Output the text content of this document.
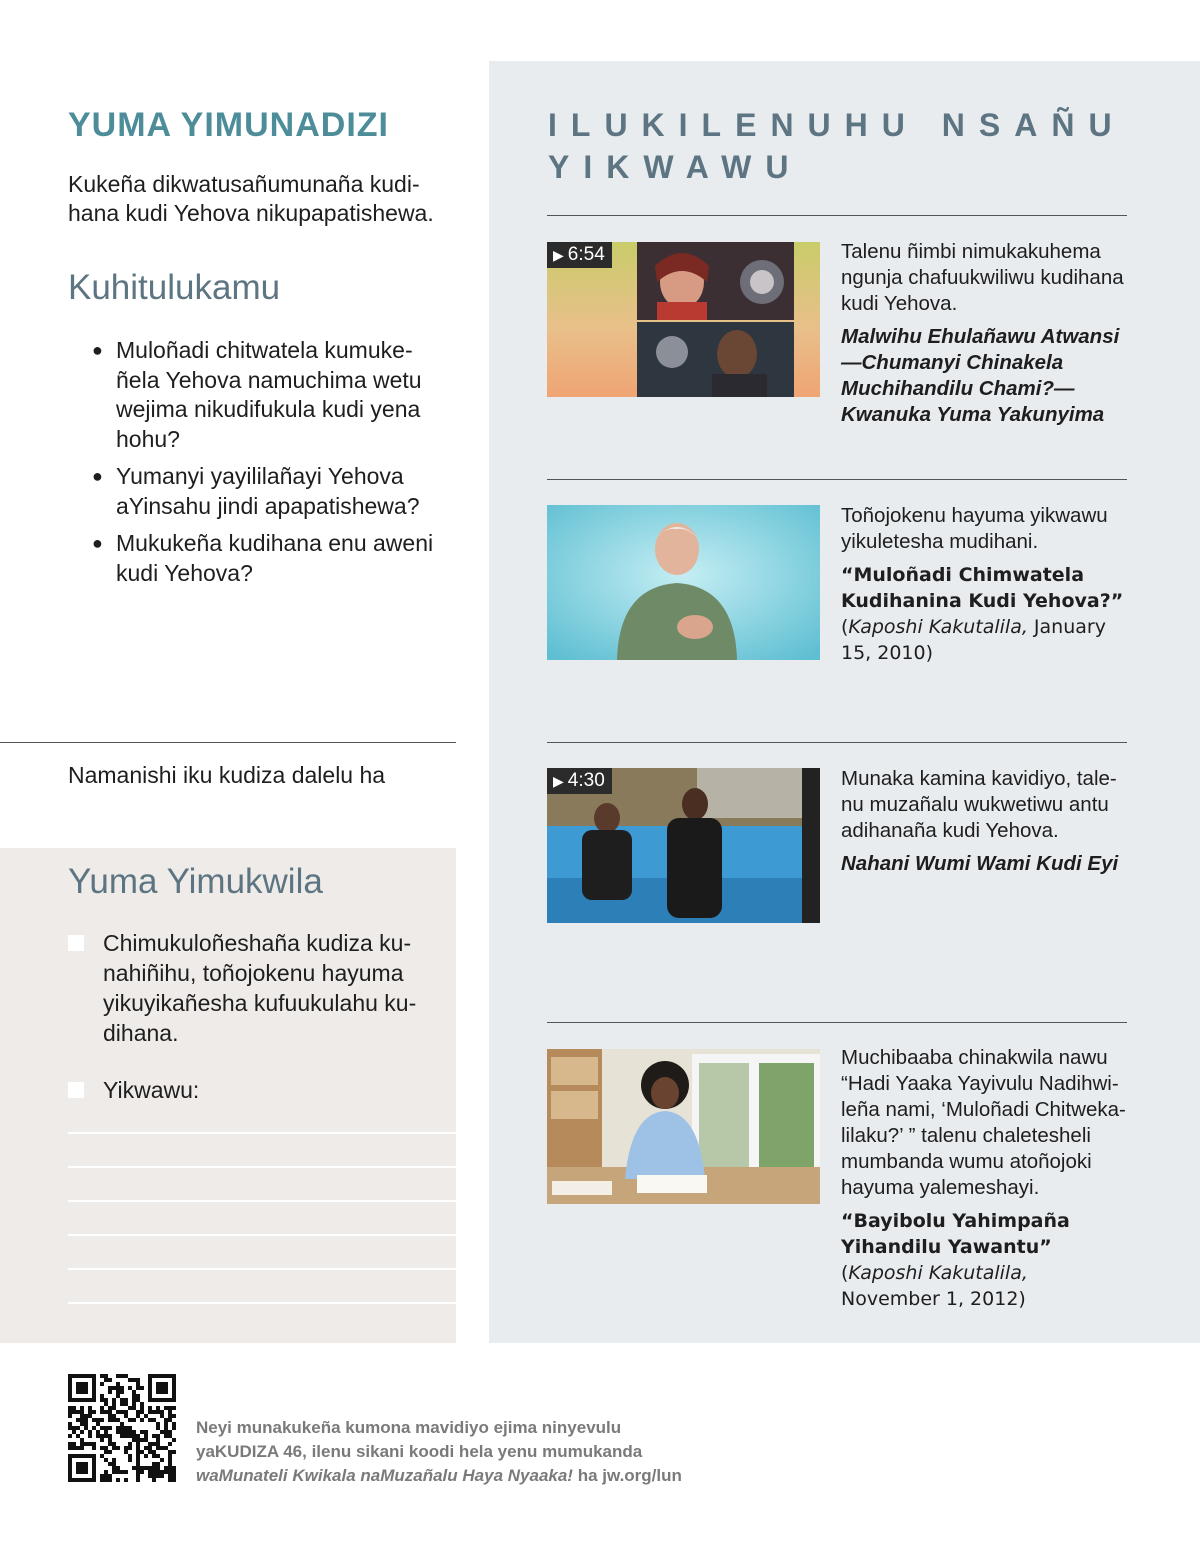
YUMA YIMUNADIZI
Kukeña dikwatusañumunaña kudihana kudi Yehova nikupapatishewa.
Kuhitulukamu
● Muloñadi chitwatela kumukeñela Yehova namuchima wetu wejima nikudifukula kudi yena hohu?
● Yumanyi yayililañayi Yehova aYinsahu jindi apapatishewa?
● Mukukeña kudihana enu aweni kudi Yehova?
Namanishi iku kudiza dalelu ha
Yuma Yimukwila
Chimukuloñeshaña kudiza kunahiñihu, toñojokenu hayuma yikuyikañesha kufuukulahu kudihana.
Yikwawu:
ILUKILENUHU NSAÑU YIKWAWU
▶ 6:54	Talenu ñimbi nimukakuhema ngunja chafuukwiliwu kudihana kudi Yehova.

Malwihu Ehulañawu Atwansi —Chumanyi Chinakela Muchihandilu Chami?—Kwanuka Yuma Yakunyima

Toñojokenu hayuma yikwawu yikuletesha mudihani.

“Muloñadi Chimwatela Kudihanina Kudi Yehova?” (Kaposhi Kakutalila, January 15, 2010)

▶ 4:30	Munaka kamina kavidiyo, talenu muzañalu wukwetiwu antu adihanaña kudi Yehova.

Nahani Wumi Wami Kudi Eyi

Muchibaaba chinakwila nawu “Hadi Yaaka Yayivulu Nadihwileña nami, ‘Muloñadi Chitwekalilaku?’ ” talenu chaletesheli mumbanda wumu atoñojoki hayuma yalemeshayi.

“Bayibolu Yahimpaña Yihandilu Yawantu” (Kaposhi Kakutalila,
November 1, 2012)

Neyi munakukeña kumona mavidiyo ejima ninyevulu
yaKUDIZA 46, ilenu sikani koodi hela yenu mumukanda
waMunateli Kwikala naMuzañalu Haya Nyaaka! ha jw.org/lun
